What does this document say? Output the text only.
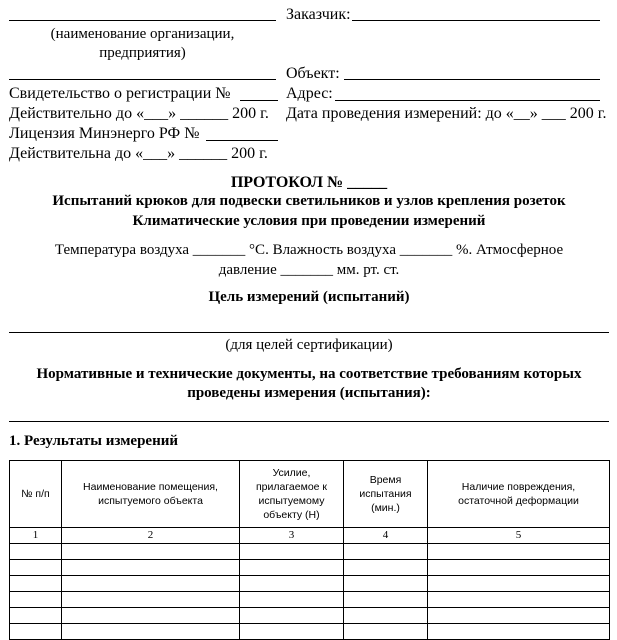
Заказчик:
(наименование организации,
предприятия)
Объект:
Свидетельство о регистрации №	Адрес:
Действительно до «___» ______ 200 г. Дата проведения измерений: до «__» ___ 200 г.
Лицензия Минэнерго РФ №
Действительна до «___» ______ 200 г.
ПРОТОКОЛ № _____
Испытаний крюков для подвески светильников и узлов крепления розеток
Климатические условия при проведении измерений
Температура воздуха _______ °С. Влажность воздуха _______ %. Атмосферное
давление _______ мм. рт. ст.
Цель измерений (испытаний)
(для целей сертификации)
Нормативные и технические документы, на соответствие требованиям которых
проведены измерения (испытания):
1. Результаты измерений
№ п/п	Наименование помещения, испытуемого объекта	Усилие, прилагаемое к испытуемому объекту (Н)	Время испытания (мин.)	Наличие повреждения, остаточной деформации
1	2	3	4	5
